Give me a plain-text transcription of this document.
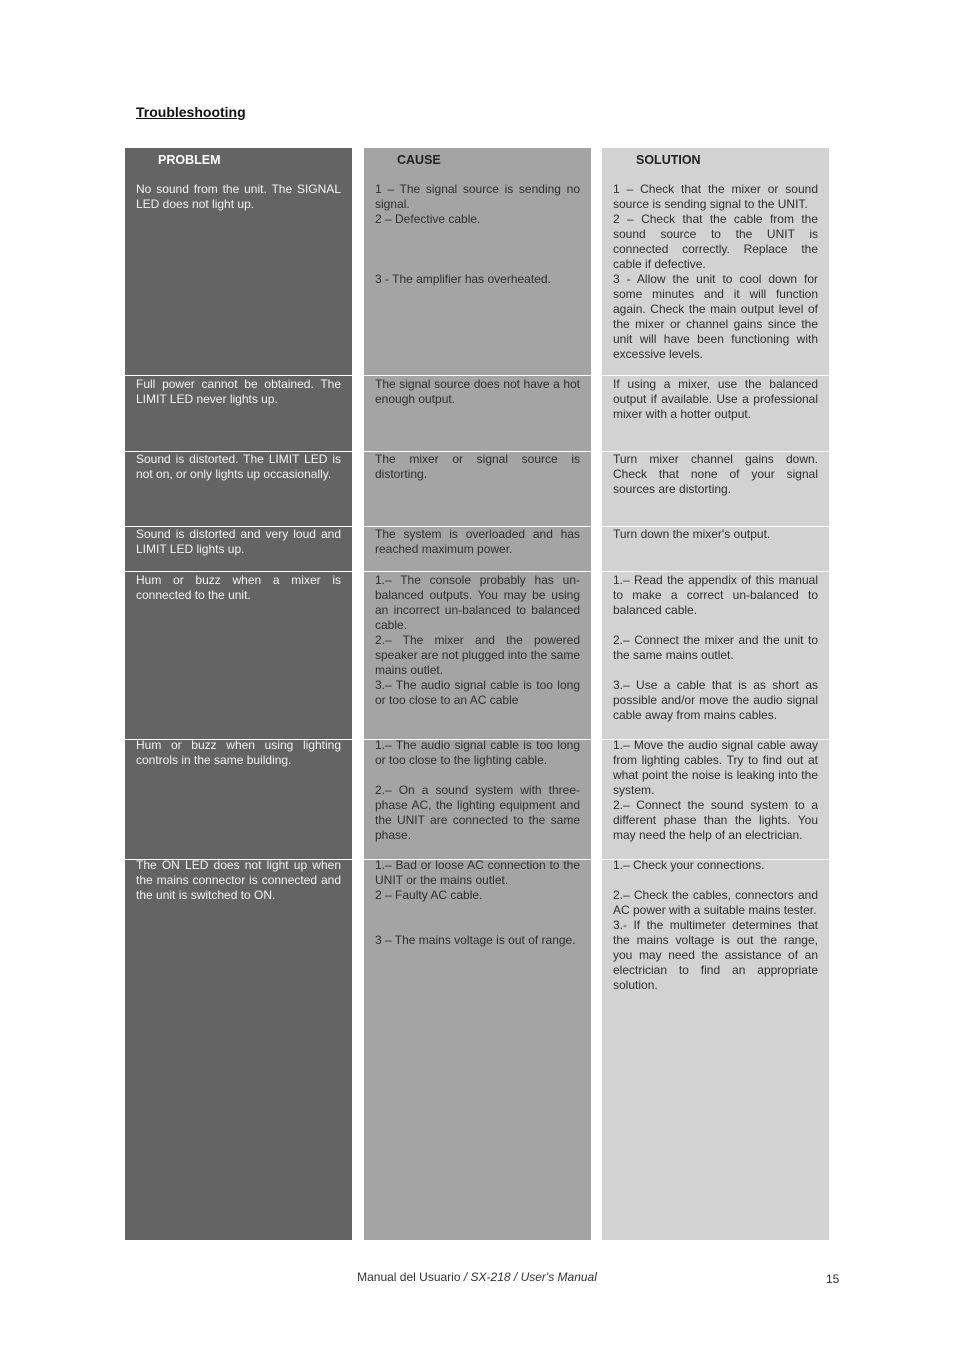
Troubleshooting
PROBLEM
No sound from the unit. The SIGNAL LED does not light up.
Full power cannot be obtained. The LIMIT LED never lights up.
Sound is distorted. The LIMIT LED is not on, or only lights up occasionally.
Sound is distorted and very loud and LIMIT LED lights up.
Hum or buzz when a mixer is connected to the unit.
Hum or buzz when using lighting controls in the same building.
The ON LED does not light up when the mains connector is connected and the unit is switched to ON.
CAUSE
1 – The signal source is sending no signal.
2 – Defective cable.

3 - The amplifier has overheated.
The signal source does not have a hot enough output.
The mixer or signal source is distorting.
The system is overloaded and has reached maximum power.
1.– The console probably has un-balanced outputs. You may be using an incorrect un-balanced to balanced cable.
2.– The mixer and the powered speaker are not plugged into the same mains outlet.
3.– The audio signal cable is too long or too close to an AC cable
1.– The audio signal cable is too long or too close to the lighting cable.

2.– On a sound system with three-phase AC, the lighting equipment and the UNIT are connected to the same phase.
1.– Bad or loose AC connection to the UNIT or the mains outlet.
2 – Faulty AC cable.

3 – The mains voltage is out of range.
SOLUTION
1 – Check that the mixer or sound source is sending signal to the UNIT.
2 – Check that the cable from the sound source to the UNIT is connected correctly. Replace the cable if defective.
3 - Allow the unit to cool down for some minutes and it will function again. Check the main output level of the mixer or channel gains since the unit will have been functioning with excessive levels.
If using a mixer, use the balanced output if available. Use a professional mixer with a hotter output.
Turn mixer channel gains down. Check that none of your signal sources are distorting.
Turn down the mixer's output.
1.– Read the appendix of this manual to make a correct un-balanced to balanced cable.

2.– Connect the mixer and the unit to the same mains outlet.

3.– Use a cable that is as short as possible and/or move the audio signal cable away from mains cables.
1.– Move the audio signal cable away from lighting cables. Try to find out at what point the noise is leaking into the system.
2.– Connect the sound system to a different phase than the lights. You may need the help of an electrician.
1.– Check your connections.

2.– Check the cables, connectors and AC power with a suitable mains tester.
3.- If the multimeter determines that the mains voltage is out the range, you may need the assistance of an electrician to find an appropriate solution.
Manual del Usuario / SX-218 / User's Manual	15
